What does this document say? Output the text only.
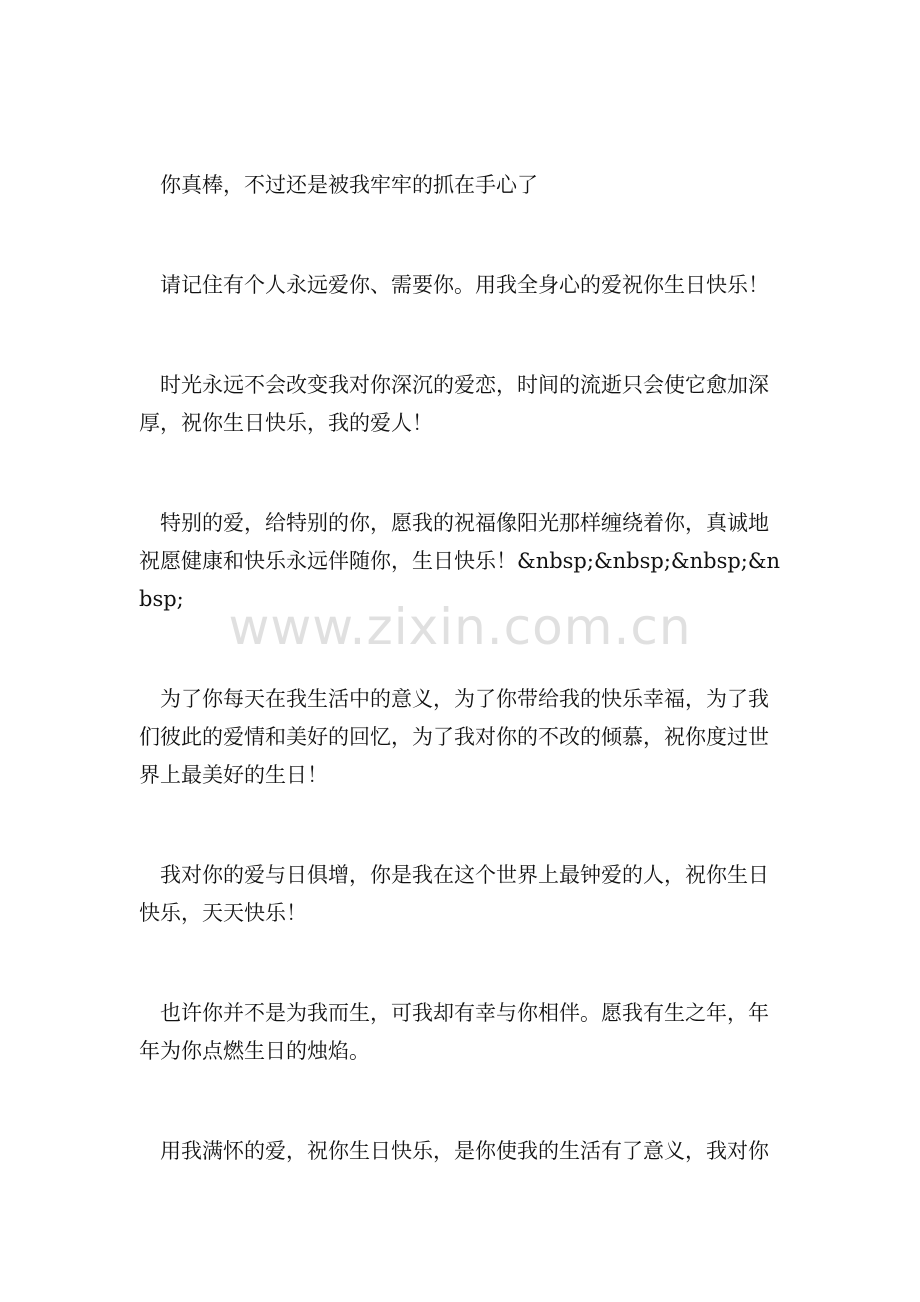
你真棒，不过还是被我牢牢的抓在手心了

请记住有个人永远爱你、需要你。用我全身心的爱祝你生日快乐！

时光永远不会改变我对你深沉的爱恋，时间的流逝只会使它愈加深厚，祝你生日快乐，我的爱人！

特别的爱，给特别的你，愿我的祝福像阳光那样缠绕着你，真诚地祝愿健康和快乐永远伴随你，生日快乐！&nbsp;&nbsp;&nbsp;&nbsp;

为了你每天在我生活中的意义，为了你带给我的快乐幸福，为了我们彼此的爱情和美好的回忆，为了我对你的不改的倾慕，祝你度过世界上最美好的生日！

我对你的爱与日俱增，你是我在这个世界上最钟爱的人，祝你生日快乐，天天快乐！

也许你并不是为我而生，可我却有幸与你相伴。愿我有生之年，年年为你点燃生日的烛焰。

用我满怀的爱，祝你生日快乐，是你使我的生活有了意义，我对你

www.zixin.com.cn
